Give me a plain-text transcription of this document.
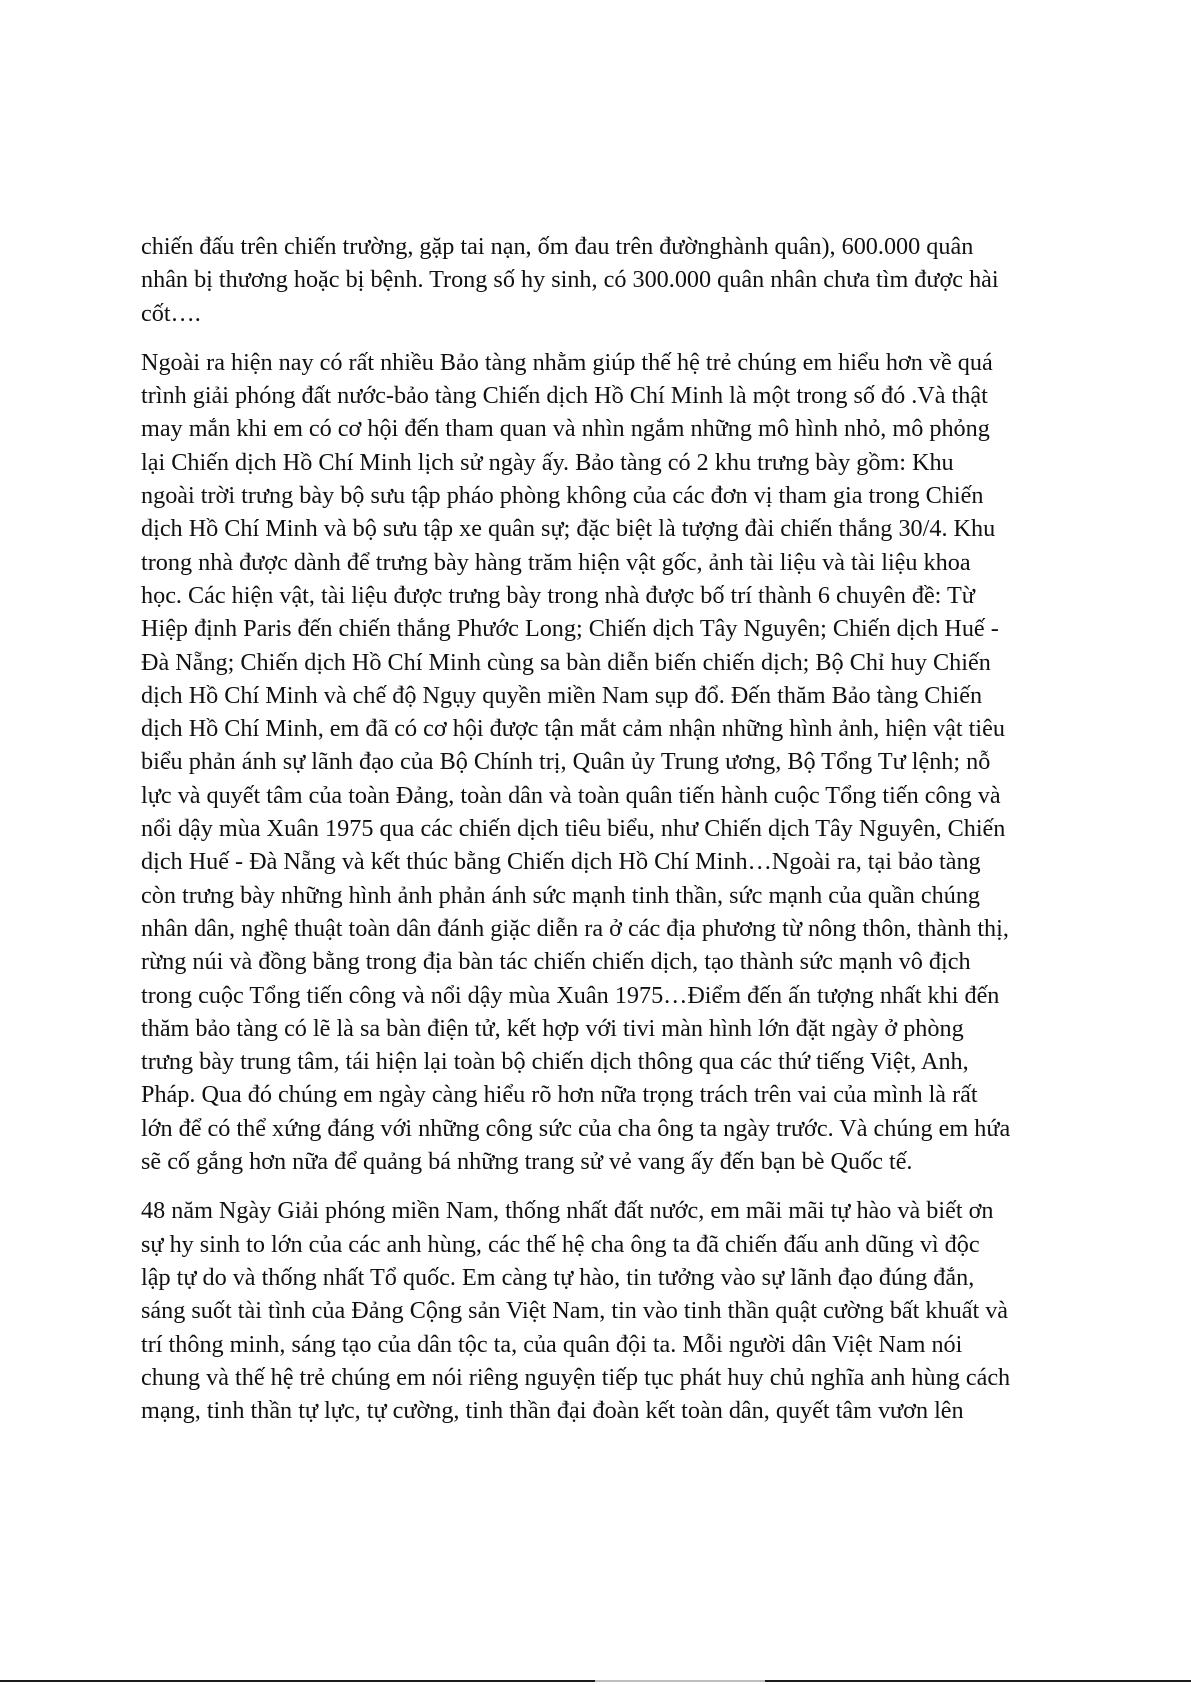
chiến đấu trên chiến trường, gặp tai nạn, ốm đau trên đườnghành quân), 600.000 quân
nhân bị thương hoặc bị bệnh. Trong số hy sinh, có 300.000 quân nhân chưa tìm được hài
cốt….
Ngoài ra hiện nay có rất nhiều Bảo tàng nhằm giúp thế hệ trẻ chúng em hiểu hơn về quá
trình giải phóng đất nước-bảo tàng Chiến dịch Hồ Chí Minh là một trong số đó .Và thật
may mắn khi em có cơ hội đến tham quan và nhìn ngắm những mô hình nhỏ, mô phỏng
lại Chiến dịch Hồ Chí Minh lịch sử ngày ấy. Bảo tàng có 2 khu trưng bày gồm: Khu
ngoài trời trưng bày bộ sưu tập pháo phòng không của các đơn vị tham gia trong Chiến
dịch Hồ Chí Minh và bộ sưu tập xe quân sự; đặc biệt là tượng đài chiến thắng 30/4. Khu
trong nhà được dành để trưng bày hàng trăm hiện vật gốc, ảnh tài liệu và tài liệu khoa
học. Các hiện vật, tài liệu được trưng bày trong nhà được bố trí thành 6 chuyên đề: Từ
Hiệp định Paris đến chiến thắng Phước Long; Chiến dịch Tây Nguyên; Chiến dịch Huế -
Đà Nẵng; Chiến dịch Hồ Chí Minh cùng sa bàn diễn biến chiến dịch; Bộ Chỉ huy Chiến
dịch Hồ Chí Minh và chế độ Ngụy quyền miền Nam sụp đổ. Đến thăm Bảo tàng Chiến
dịch Hồ Chí Minh, em đã có cơ hội được tận mắt cảm nhận những hình ảnh, hiện vật tiêu
biểu phản ánh sự lãnh đạo của Bộ Chính trị, Quân ủy Trung ương, Bộ Tổng Tư lệnh; nỗ
lực và quyết tâm của toàn Đảng, toàn dân và toàn quân tiến hành cuộc Tổng tiến công và
nổi dậy mùa Xuân 1975 qua các chiến dịch tiêu biểu, như Chiến dịch Tây Nguyên, Chiến
dịch Huế - Đà Nẵng và kết thúc bằng Chiến dịch Hồ Chí Minh…Ngoài ra, tại bảo tàng
còn trưng bày những hình ảnh phản ánh sức mạnh tinh thần, sức mạnh của quần chúng
nhân dân, nghệ thuật toàn dân đánh giặc diễn ra ở các địa phương từ nông thôn, thành thị,
rừng núi và đồng bằng trong địa bàn tác chiến chiến dịch, tạo thành sức mạnh vô địch
trong cuộc Tổng tiến công và nổi dậy mùa Xuân 1975…Điểm đến ấn tượng nhất khi đến
thăm bảo tàng có lẽ là sa bàn điện tử, kết hợp với tivi màn hình lớn đặt ngày ở phòng
trưng bày trung tâm, tái hiện lại toàn bộ chiến dịch thông qua các thứ tiếng Việt, Anh,
Pháp. Qua đó chúng em ngày càng hiểu rõ hơn nữa trọng trách trên vai của mình là rất
lớn để có thể xứng đáng với những công sức của cha ông ta ngày trước. Và chúng em hứa
sẽ cố gắng hơn nữa để quảng bá những trang sử vẻ vang ấy đến bạn bè Quốc tế.
48 năm Ngày Giải phóng miền Nam, thống nhất đất nước, em mãi mãi tự hào và biết ơn
sự hy sinh to lớn của các anh hùng, các thế hệ cha ông ta đã chiến đấu anh dũng vì độc
lập tự do và thống nhất Tổ quốc. Em càng tự hào, tin tưởng vào sự lãnh đạo đúng đắn,
sáng suốt tài tình của Đảng Cộng sản Việt Nam, tin vào tinh thần quật cường bất khuất và
trí thông minh, sáng tạo của dân tộc ta, của quân đội ta. Mỗi người dân Việt Nam nói
chung và thế hệ trẻ chúng em nói riêng nguyện tiếp tục phát huy chủ nghĩa anh hùng cách
mạng, tinh thần tự lực, tự cường, tinh thần đại đoàn kết toàn dân, quyết tâm vươn lên
